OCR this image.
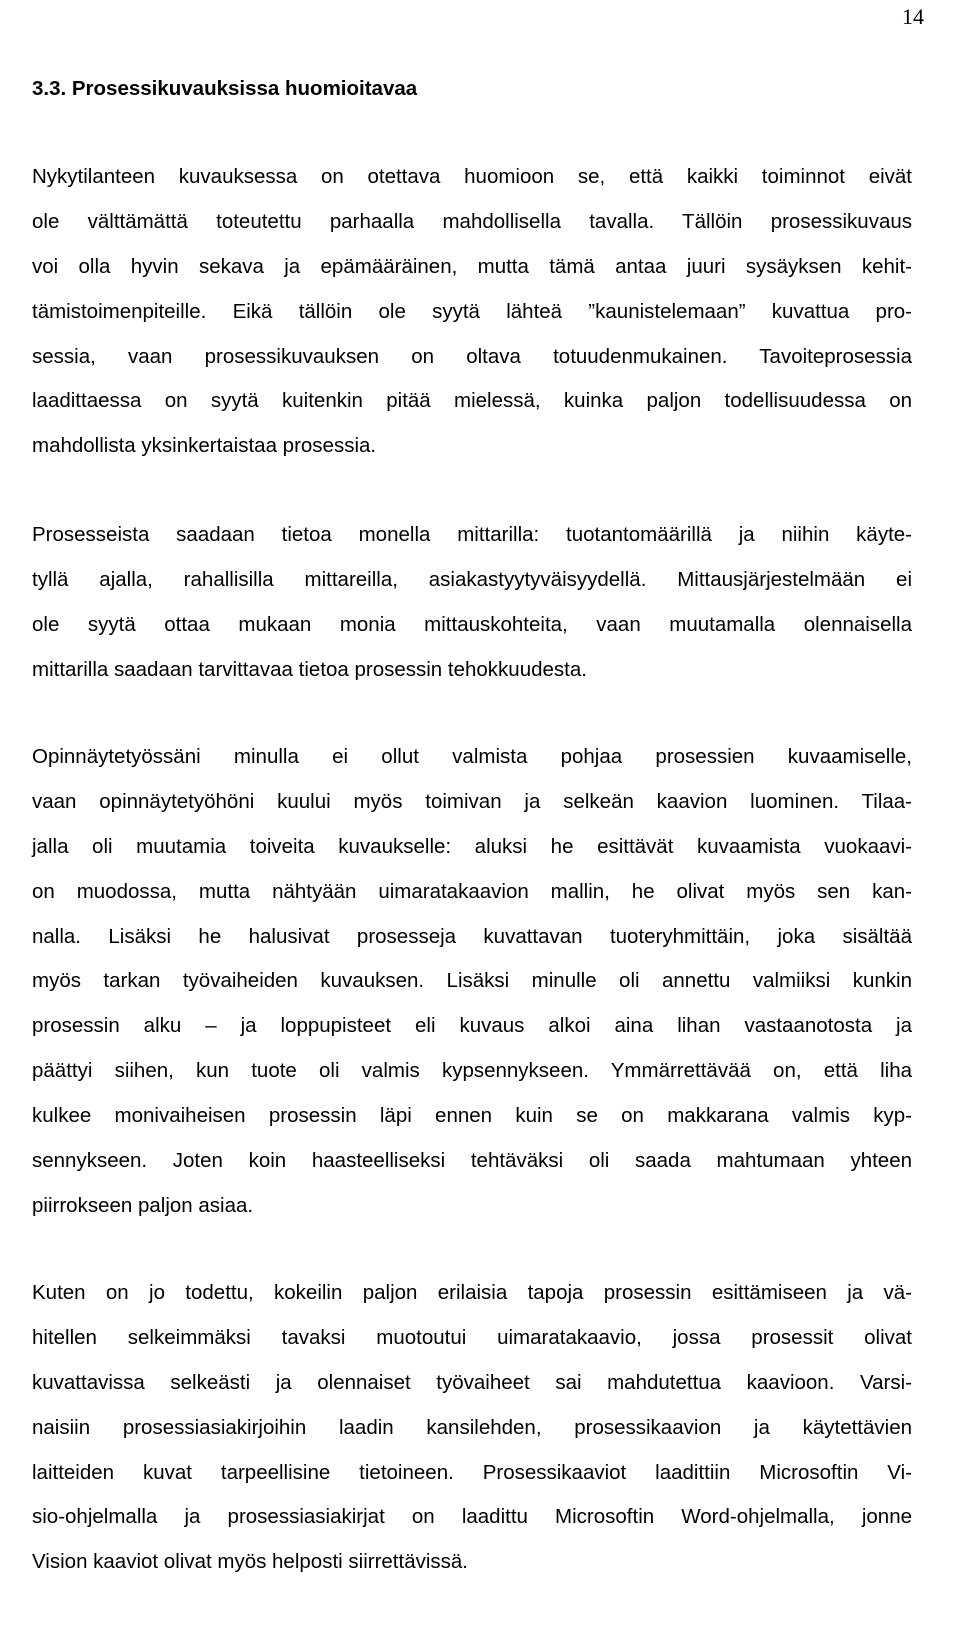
14
3.3. Prosessikuvauksissa huomioitavaa
Nykytilanteen kuvauksessa on otettava huomioon se, että kaikki toiminnot eivät
ole välttämättä toteutettu parhaalla mahdollisella tavalla. Tällöin prosessikuvaus
voi olla hyvin sekava ja epämääräinen, mutta tämä antaa juuri sysäyksen kehit-
tämistoimenpiteille. Eikä tällöin ole syytä lähteä ”kaunistelemaan” kuvattua pro-
sessia, vaan prosessikuvauksen on oltava totuudenmukainen. Tavoiteprosessia
laadittaessa on syytä kuitenkin pitää mielessä, kuinka paljon todellisuudessa on
mahdollista yksinkertaistaa prosessia.
Prosesseista saadaan tietoa monella mittarilla: tuotantomäärillä ja niihin käyte-
tyllä ajalla, rahallisilla mittareilla, asiakastyytyväisyydellä. Mittausjärjestelmään ei
ole syytä ottaa mukaan monia mittauskohteita, vaan muutamalla olennaisella
mittarilla saadaan tarvittavaa tietoa prosessin tehokkuudesta.
Opinnäytetyössäni minulla ei ollut valmista pohjaa prosessien kuvaamiselle,
vaan opinnäytetyöhöni kuului myös toimivan ja selkeän kaavion luominen. Tilaa-
jalla oli muutamia toiveita kuvaukselle: aluksi he esittävät kuvaamista vuokaavi-
on muodossa, mutta nähtyään uimaratakaavion mallin, he olivat myös sen kan-
nalla. Lisäksi he halusivat prosesseja kuvattavan tuoteryhmittäin, joka sisältää
myös tarkan työvaiheiden kuvauksen. Lisäksi minulle oli annettu valmiiksi kunkin
prosessin alku – ja loppupisteet eli kuvaus alkoi aina lihan vastaanotosta ja
päättyi siihen, kun tuote oli valmis kypsennykseen. Ymmärrettävää on, että liha
kulkee monivaiheisen prosessin läpi ennen kuin se on makkarana valmis kyp-
sennykseen. Joten koin haasteelliseksi tehtäväksi oli saada mahtumaan yhteen
piirrokseen paljon asiaa.
Kuten on jo todettu, kokeilin paljon erilaisia tapoja prosessin esittämiseen ja vä-
hitellen selkeimmäksi tavaksi muotoutui uimaratakaavio, jossa prosessit olivat
kuvattavissa selkeästi ja olennaiset työvaiheet sai mahdutettua kaavioon. Varsi-
naisiin prosessiasiakirjoihin laadin kansilehden, prosessikaavion ja käytettävien
laitteiden kuvat tarpeellisine tietoineen. Prosessikaaviot laadittiin Microsoftin Vi-
sio-ohjelmalla ja prosessiasiakirjat on laadittu Microsoftin Word-ohjelmalla, jonne
Vision kaaviot olivat myös helposti siirrettävissä.
